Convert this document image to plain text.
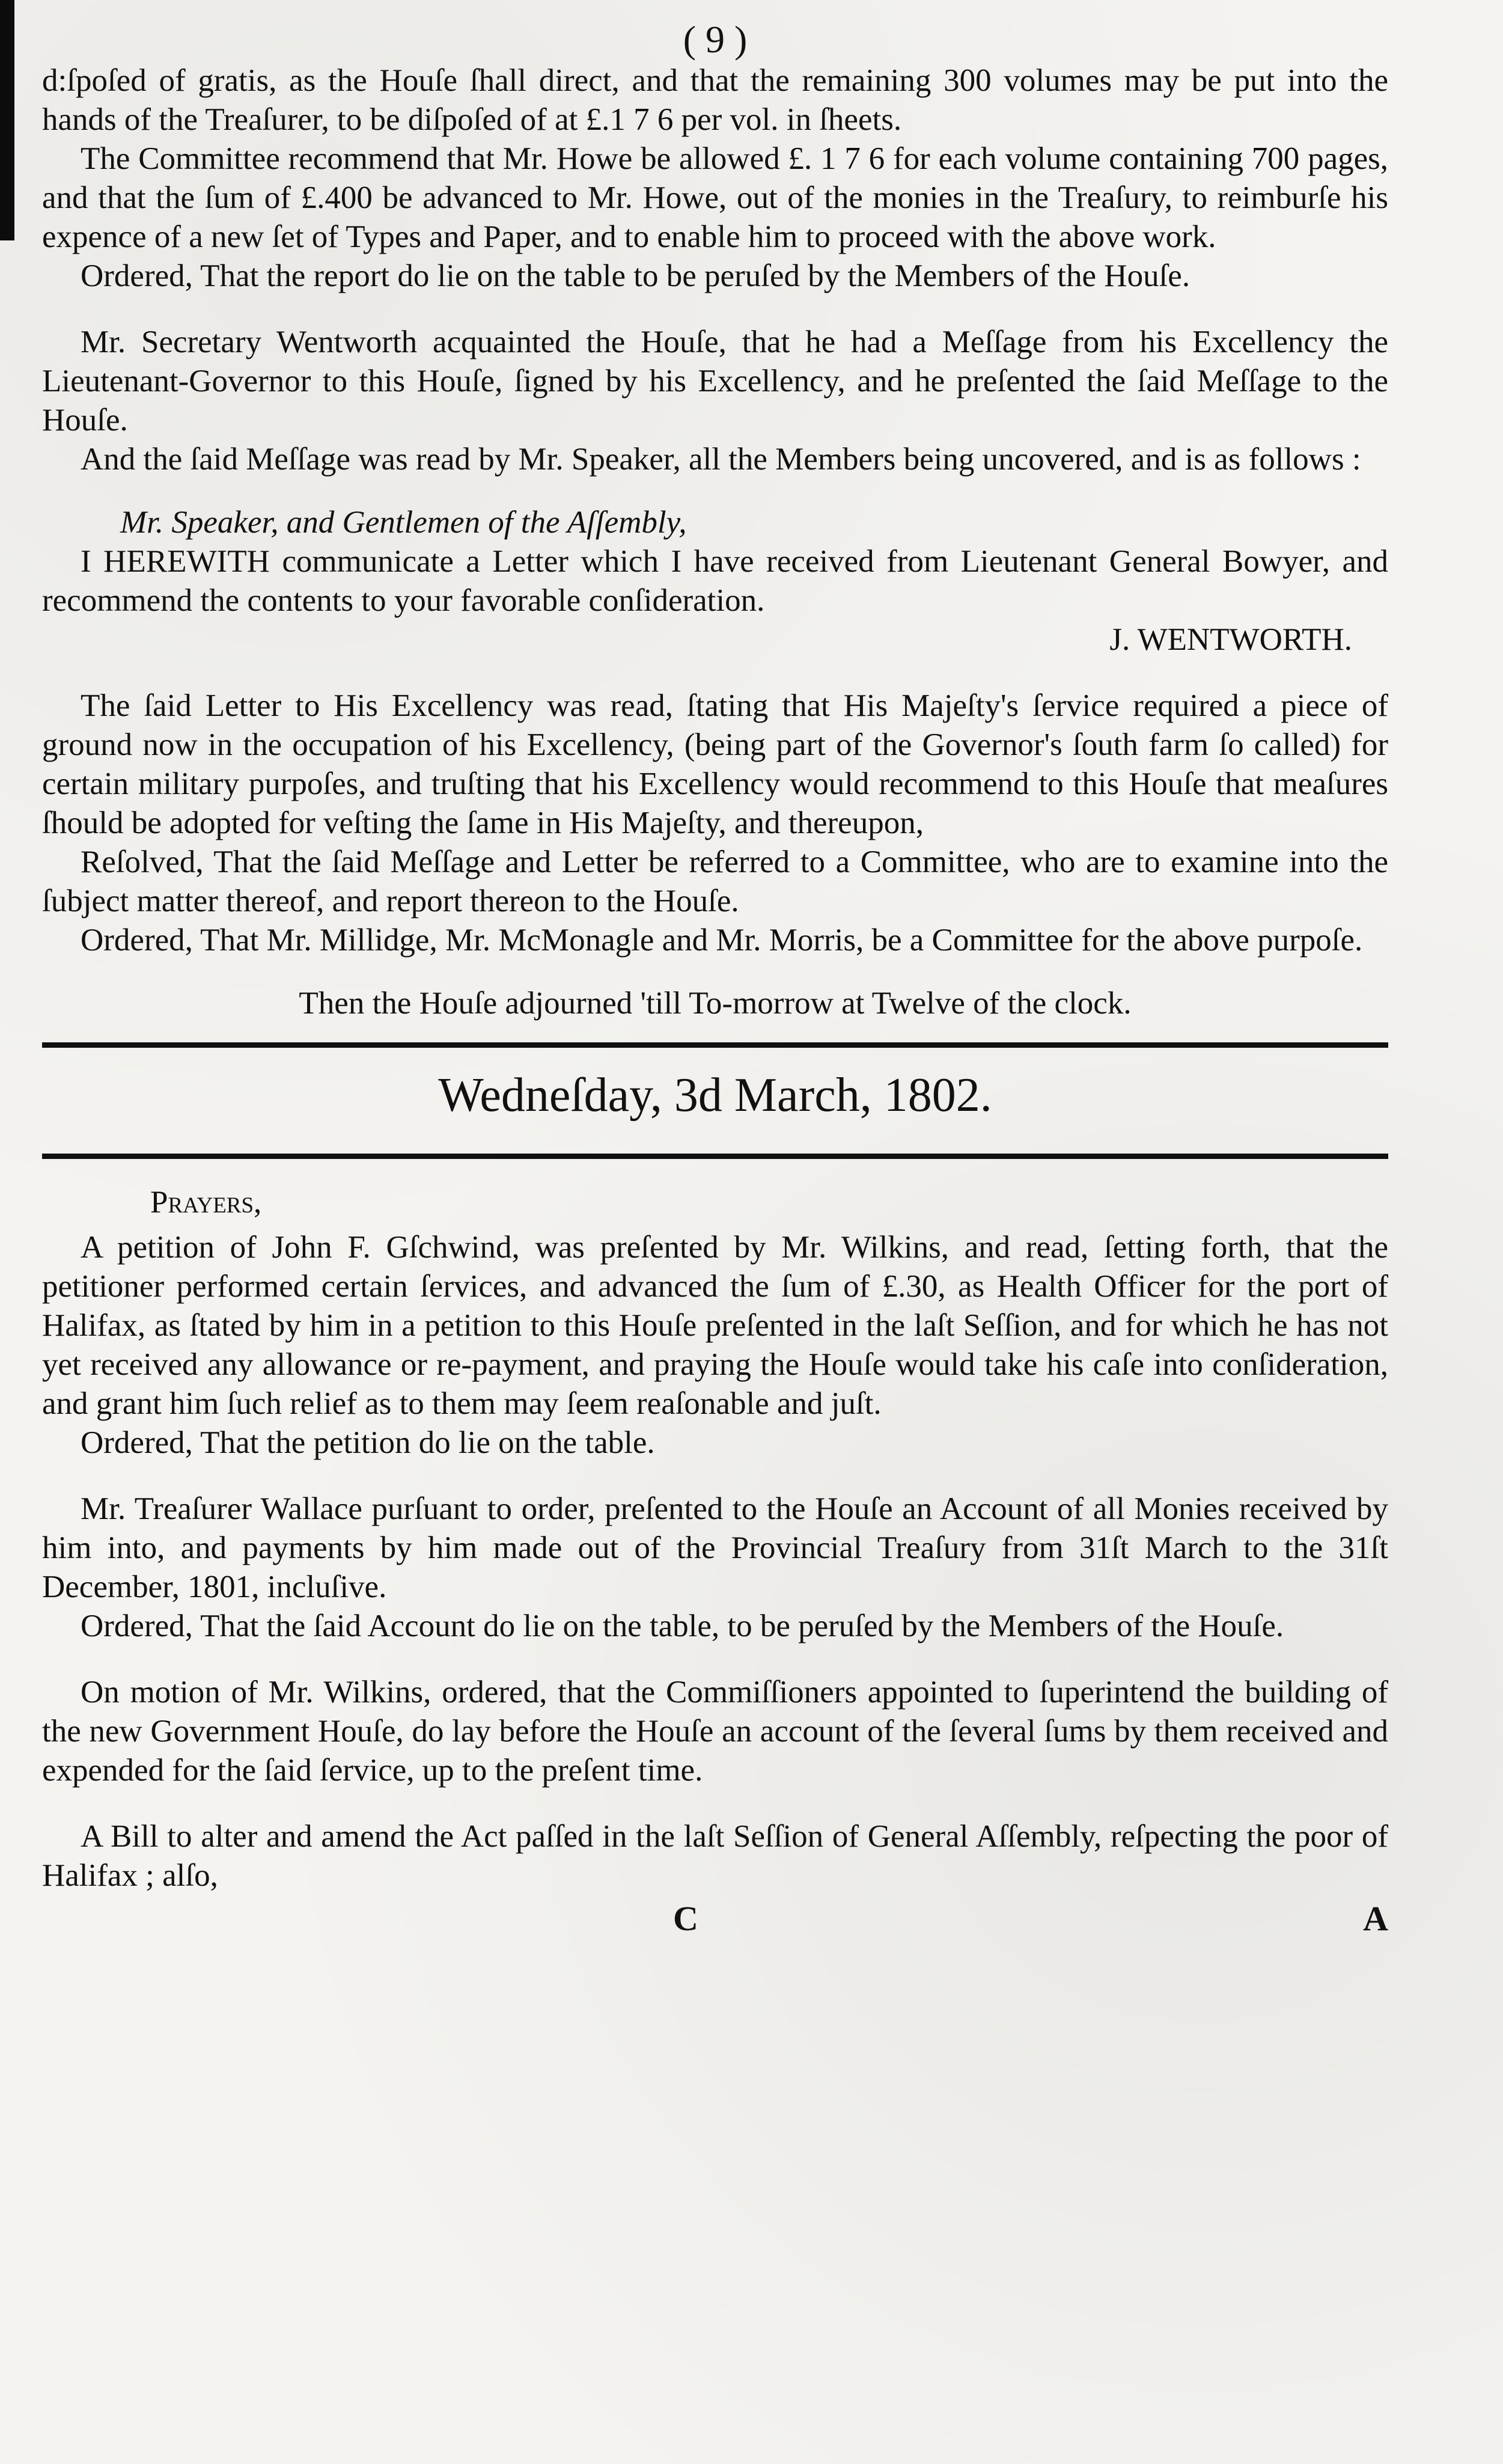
( 9 )

d:ſpoſed of gratis, as the Houſe ſhall direct, and that the remaining 300 volumes may be put into the hands of the Treaſurer, to be diſpoſed of at £.1 7 6 per vol. in ſheets.

The Committee recommend that Mr. Howe be allowed £. 1 7 6 for each volume containing 700 pages, and that the ſum of £.400 be advanced to Mr. Howe, out of the monies in the Treaſury, to reimburſe his expence of a new ſet of Types and Paper, and to enable him to proceed with the above work.

Ordered, That the report do lie on the table to be peruſed by the Members of the Houſe.

Mr. Secretary Wentworth acquainted the Houſe, that he had a Meſſage from his Excellency the Lieutenant-Governor to this Houſe, ſigned by his Excellency, and he preſented the ſaid Meſſage to the Houſe.

And the ſaid Meſſage was read by Mr. Speaker, all the Members being uncovered, and is as follows :

Mr. Speaker, and Gentlemen of the Aſſembly,

I HEREWITH communicate a Letter which I have received from Lieutenant General Bowyer, and recommend the contents to your favorable conſideration.

J. WENTWORTH.

The ſaid Letter to His Excellency was read, ſtating that His Majeſty's ſervice required a piece of ground now in the occupation of his Excellency, (being part of the Governor's ſouth farm ſo called) for certain military purpoſes, and truſting that his Excellency would recommend to this Houſe that meaſures ſhould be adopted for veſting the ſame in His Majeſty, and thereupon,

Reſolved, That the ſaid Meſſage and Letter be referred to a Committee, who are to examine into the ſubject matter thereof, and report thereon to the Houſe.

Ordered, That Mr. Millidge, Mr. McMonagle and Mr. Morris, be a Committee for the above purpoſe.

Then the Houſe adjourned 'till To-morrow at Twelve of the clock.

Wedneſday, 3d March, 1802.

Prayers,

A petition of John F. Gſchwind, was preſented by Mr. Wilkins, and read, ſetting forth, that the petitioner performed certain ſervices, and advanced the ſum of £.30, as Health Officer for the port of Halifax, as ſtated by him in a petition to this Houſe preſented in the laſt Seſſion, and for which he has not yet received any allowance or re-payment, and praying the Houſe would take his caſe into conſideration, and grant him ſuch relief as to them may ſeem reaſonable and juſt.

Ordered, That the petition do lie on the table.

Mr. Treaſurer Wallace purſuant to order, preſented to the Houſe an Account of all Monies received by him into, and payments by him made out of the Provincial Treaſury from 31ſt March to the 31ſt December, 1801, incluſive.

Ordered, That the ſaid Account do lie on the table, to be peruſed by the Members of the Houſe.

On motion of Mr. Wilkins, ordered, that the Commiſſioners appointed to ſuperintend the building of the new Government Houſe, do lay before the Houſe an account of the ſeveral ſums by them received and expended for the ſaid ſervice, up to the preſent time.

A Bill to alter and amend the Act paſſed in the laſt Seſſion of General Aſſembly, reſpecting the poor of Halifax ; alſo,

C	A
